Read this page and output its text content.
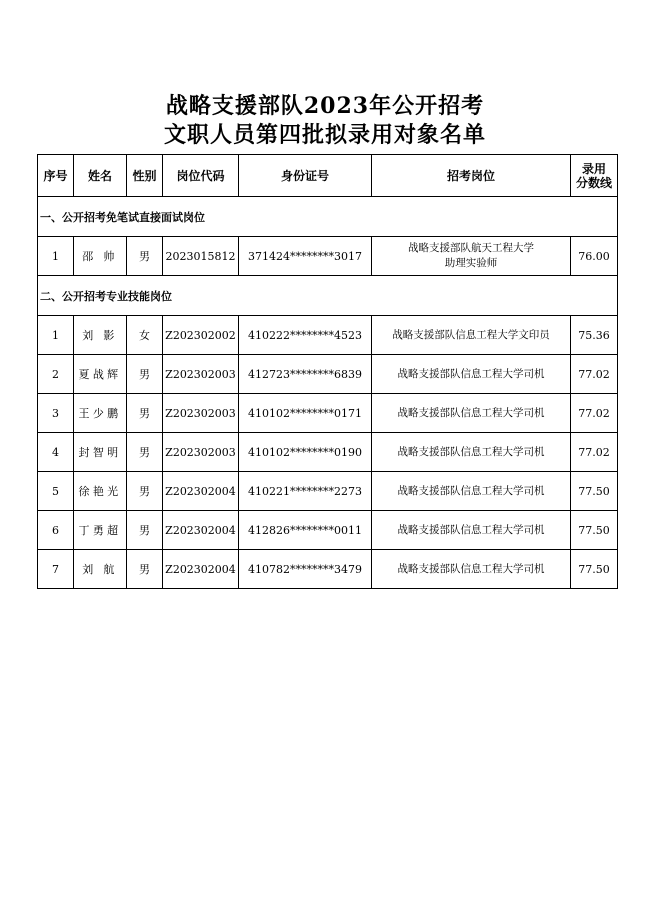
战略支援部队2023年公开招考
文职人员第四批拟录用对象名单
序号	姓名	性别	岗位代码	身份证号	招考岗位	录用
分数线

一、公开招考免笔试直接面试岗位						
1	邵 帅	男	2023015812	371424********3017	战略支援部队航天工程大学
助理实验师	76.00
二、公开招考专业技能岗位						
1	刘 影	女	Z202302002	410222********4523	战略支援部队信息工程大学文印员	75.36
2	夏战辉	男	Z202302003	412723********6839	战略支援部队信息工程大学司机	77.02
3	王少鹏	男	Z202302003	410102********0171	战略支援部队信息工程大学司机	77.02
4	封智明	男	Z202302003	410102********0190	战略支援部队信息工程大学司机	77.02
5	徐艳光	男	Z202302004	410221********2273	战略支援部队信息工程大学司机	77.50
6	丁勇超	男	Z202302004	412826********0011	战略支援部队信息工程大学司机	77.50
7	刘 航	男	Z202302004	410782********3479	战略支援部队信息工程大学司机	77.50
